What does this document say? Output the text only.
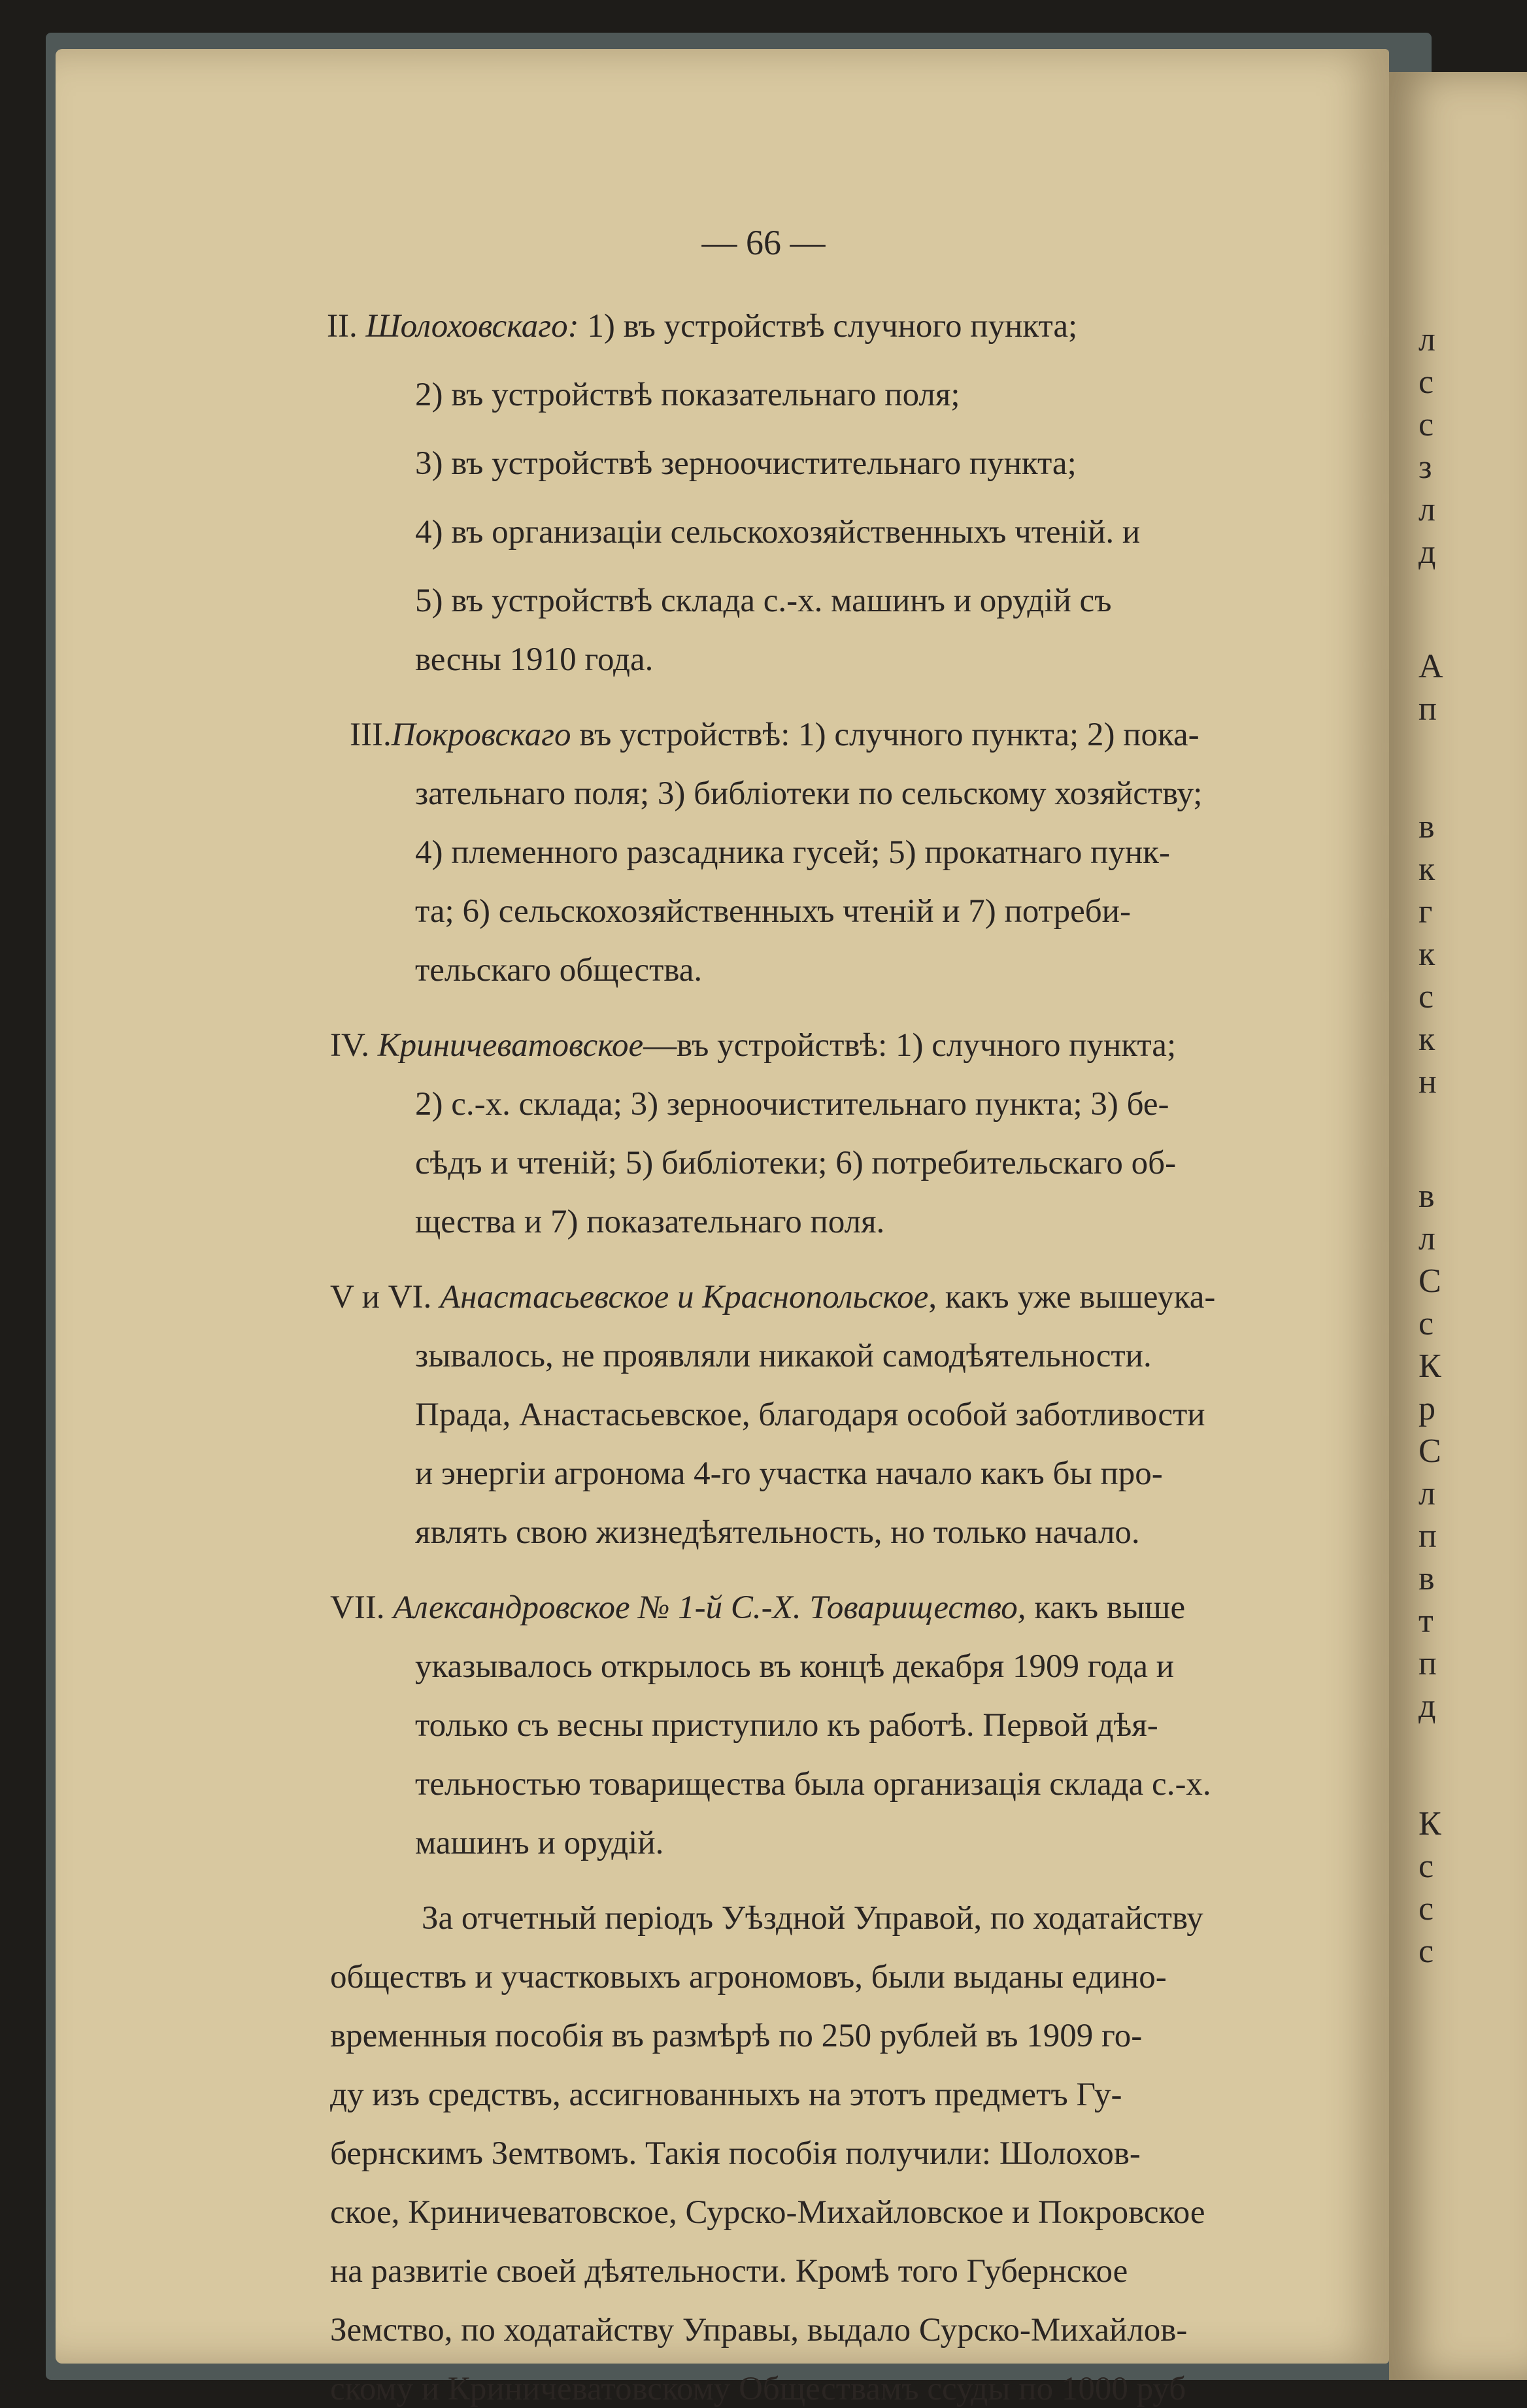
— 66 —
II. Шолоховскаго: 1) въ устройствѣ случного пункта;
2) въ устройствѣ показательнаго поля;
3) въ устройствѣ зерноочистительнаго пункта;
4) въ организаціи сельскохозяйственныхъ чтеній. и
5) въ устройствѣ склада с.-х. машинъ и орудій съ
весны 1910 года.
III.Покровскаго въ устройствѣ: 1) случного пункта; 2) пока-
зательнаго поля; 3) библіотеки по сельскому хозяйству;
4) племенного разсадника гусей; 5) прокатнаго пунк-
та; 6) сельскохозяйственныхъ чтеній и 7) потреби-
тельскаго общества.
IV. Криничеватовское—въ устройствѣ: 1) случного пункта;
2) с.-х. склада; 3) зерноочистительнаго пункта; 3) бе-
сѣдъ и чтеній; 5) библіотеки; 6) потребительскаго об-
щества и 7) показательнаго поля.
V и VI. Анастасьевское и Краснопольское, какъ уже вышеука-
зывалось, не проявляли никакой самодѣятельности.
Прада, Анастасьевское, благодаря особой заботливости
и энергіи агронома 4-го участка начало какъ бы про-
являть свою жизнедѣятельность, но только начало.
VII. Александровское № 1-й С.-Х. Товарищество, какъ выше
указывалось открылось въ концѣ декабря 1909 года и
только съ весны приступило къ работѣ. Первой дѣя-
тельностью товарищества была организація склада с.-х.
машинъ и орудій.
За отчетный періодъ Уѣздной Управой, по ходатайству
обществъ и участковыхъ агрономовъ, были выданы едино-
временныя пособія въ размѣрѣ по 250 рублей въ 1909 го-
ду изъ средствъ, ассигнованныхъ на этотъ предметъ Гу-
бернскимъ Земтвомъ. Такія пособія получили: Шолохов-
ское, Криничеватовское, Сурско-Михайловское и Покровское
на развитіе своей дѣятельности. Кромѣ того Губернское
Земство, по ходатайству Управы, выдало Сурско-Михайлов-
скому и Криничеватовскому Обществамъ ссуды по 1000 руб
л
с
с
з
л
д
А
п
в
к
г
к
с
к
н
в
л
С
с
К
р
С
л
п
в
т
п
д
К
с
с
с
